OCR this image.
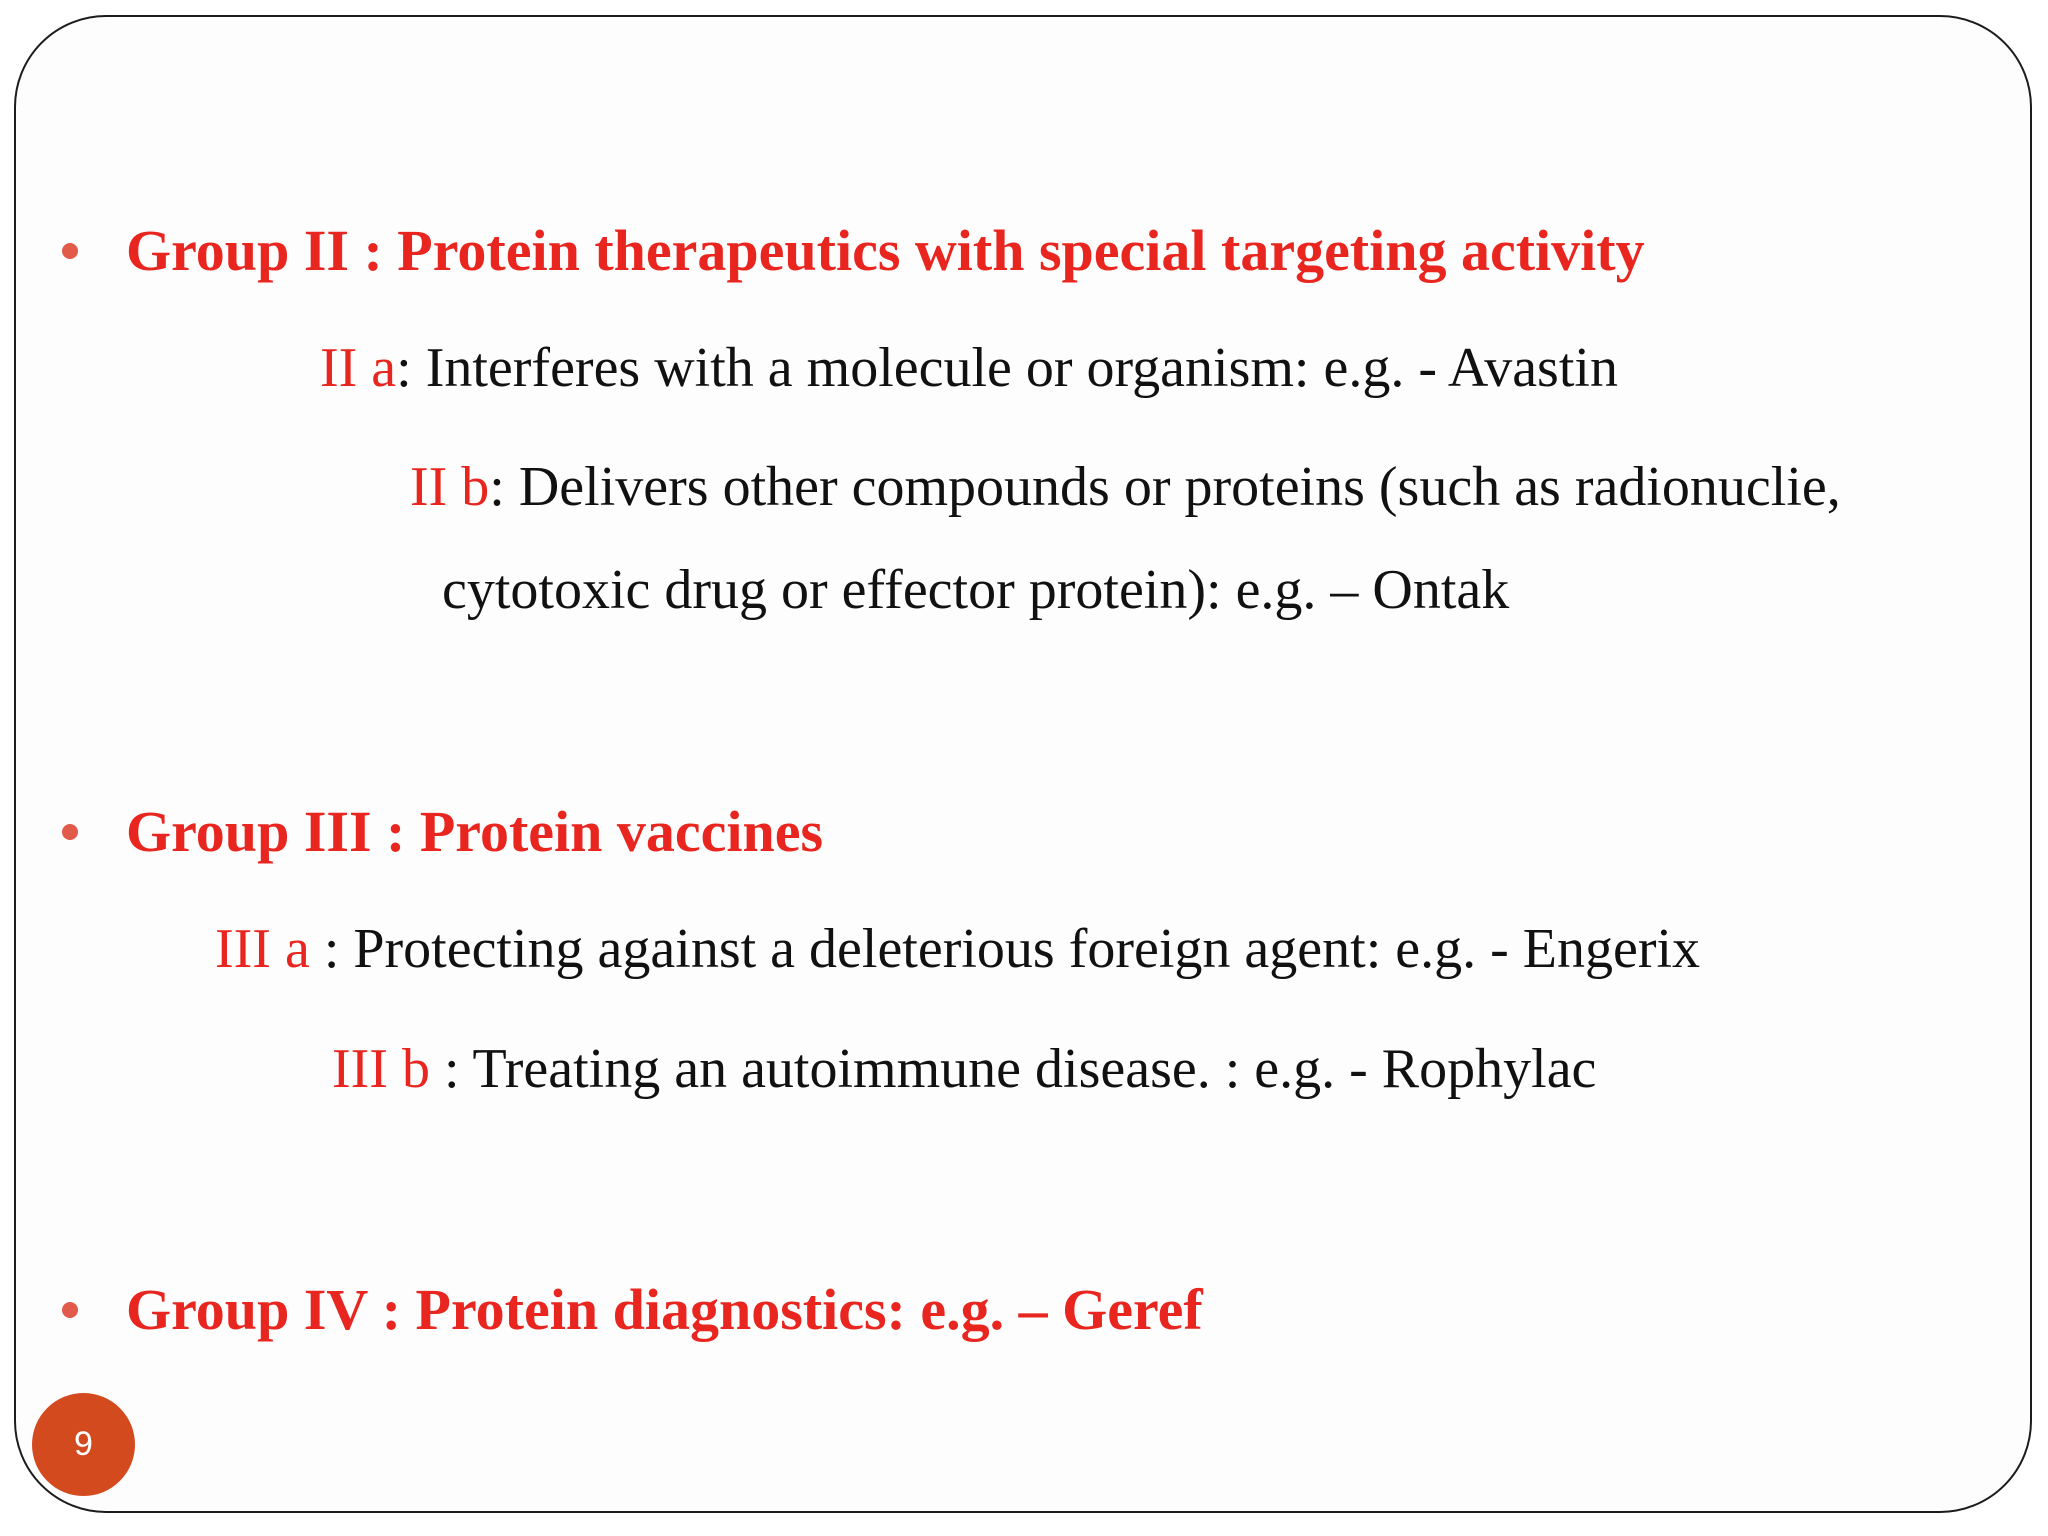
Group II : Protein therapeutics with special targeting activity
II a: Interferes with a molecule or organism: e.g. - Avastin
II b: Delivers other compounds or proteins (such as radionuclie,
cytotoxic drug or effector protein): e.g. – Ontak
Group III : Protein vaccines
III a : Protecting against a deleterious foreign agent: e.g. - Engerix
III b : Treating an autoimmune disease. : e.g. - Rophylac
Group IV : Protein diagnostics: e.g. – Geref
9
